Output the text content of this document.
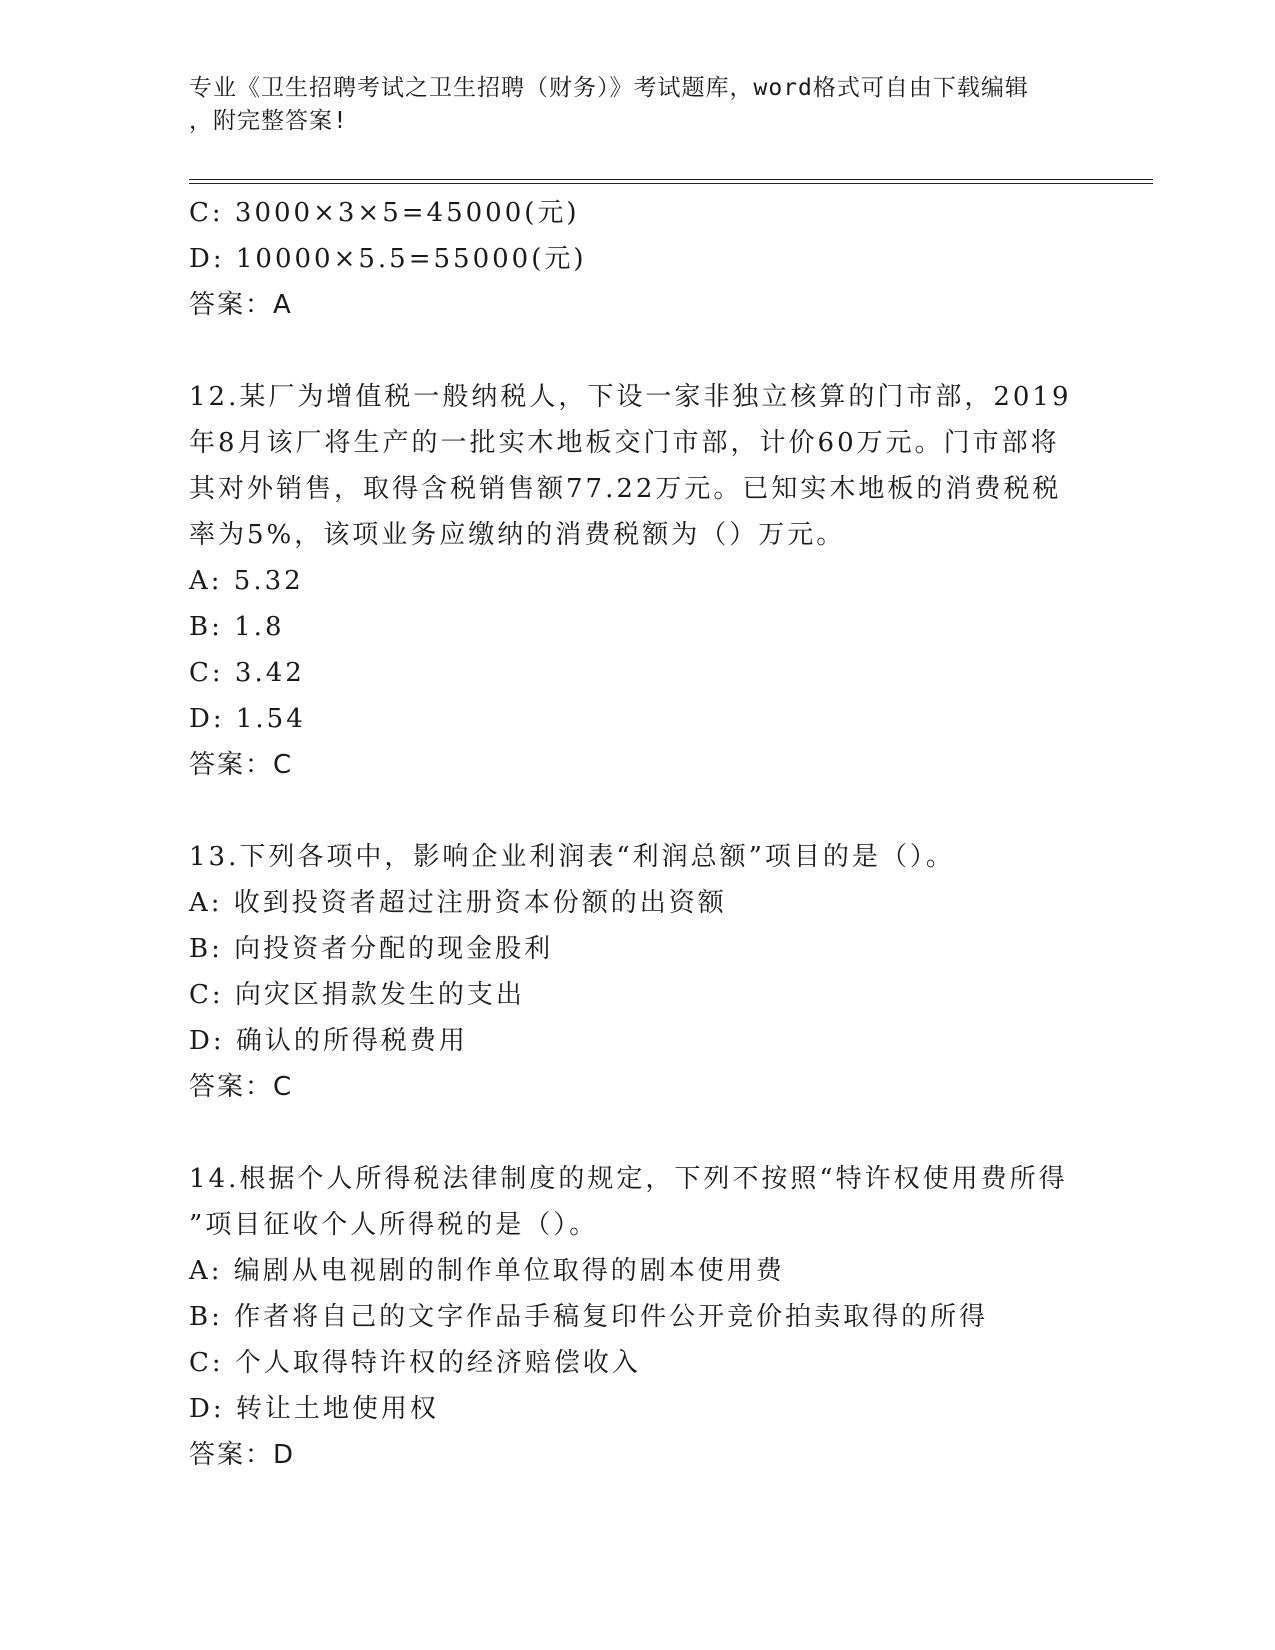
专业《卫生招聘考试之卫生招聘（财务）》考试题库，word格式可自由下载编辑
，附完整答案!
C: 3000×3×5=45000(元)
D: 10000×5.5=55000(元)
答案：A
12.某厂为增值税一般纳税人，下设一家非独立核算的门市部，2019
年8月该厂将生产的一批实木地板交门市部，计价60万元。门市部将
其对外销售，取得含税销售额77.22万元。已知实木地板的消费税税
率为5%，该项业务应缴纳的消费税额为（）万元。
A: 5.32
B: 1.8
C: 3.42
D: 1.54
答案：C
13.下列各项中，影响企业利润表“利润总额”项目的是（）。
A: 收到投资者超过注册资本份额的出资额
B: 向投资者分配的现金股利
C: 向灾区捐款发生的支出
D: 确认的所得税费用
答案：C
14.根据个人所得税法律制度的规定，下列不按照“特许权使用费所得
”项目征收个人所得税的是（）。
A: 编剧从电视剧的制作单位取得的剧本使用费
B: 作者将自己的文字作品手稿复印件公开竞价拍卖取得的所得
C: 个人取得特许权的经济赔偿收入
D: 转让土地使用权
答案：D
